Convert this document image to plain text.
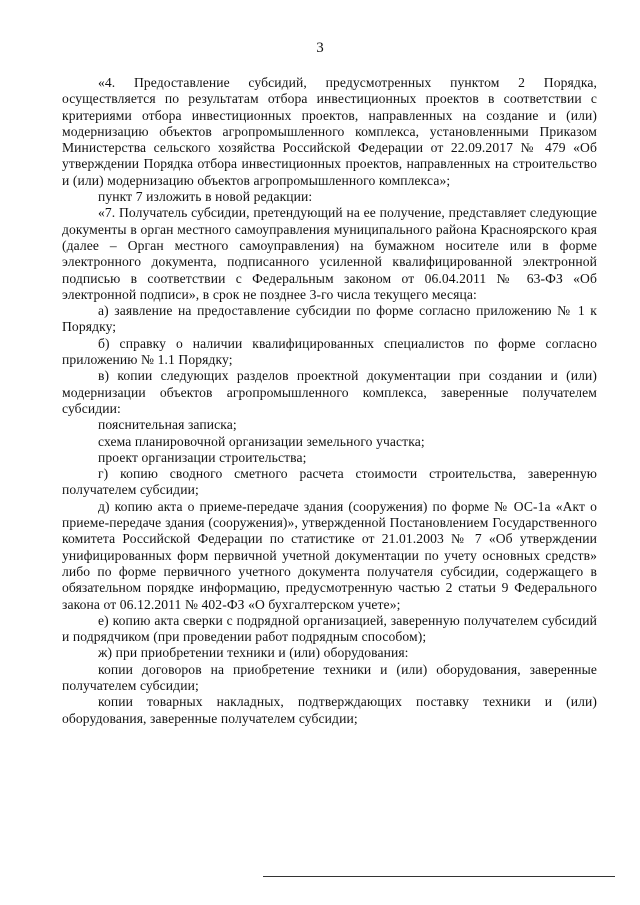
3

«4. Предоставление субсидий, предусмотренных пунктом 2 Порядка, осуществляется по результатам отбора инвестиционных проектов в соответствии с критериями отбора инвестиционных проектов, направленных на создание и (или) модернизацию объектов агропромышленного комплекса, установленными Приказом Министерства сельского хозяйства Российской Федерации от 22.09.2017 № 479 «Об утверждении Порядка отбора инвестиционных проектов, направленных на строительство и (или) модернизацию объектов агропромышленного комплекса»;

пункт 7 изложить в новой редакции:

«7. Получатель субсидии, претендующий на ее получение, представляет следующие документы в орган местного самоуправления муниципального района Красноярского края (далее – Орган местного самоуправления) на бумажном носителе или в форме электронного документа, подписанного усиленной квалифицированной электронной подписью в соответствии с Федеральным законом от 06.04.2011 № 63-ФЗ «Об электронной подписи», в срок не позднее 3-го числа текущего месяца:

а) заявление на предоставление субсидии по форме согласно приложению № 1 к Порядку;

б) справку о наличии квалифицированных специалистов по форме согласно приложению № 1.1 Порядку;

в) копии следующих разделов проектной документации при создании и (или) модернизации объектов агропромышленного комплекса, заверенные получателем субсидии:

пояснительная записка;

схема планировочной организации земельного участка;

проект организации строительства;

г) копию сводного сметного расчета стоимости строительства, заверенную получателем субсидии;

д) копию акта о приеме-передаче здания (сооружения) по форме № ОС-1а «Акт о приеме-передаче здания (сооружения)», утвержденной Постановлением Государственного комитета Российской Федерации по статистике от 21.01.2003 № 7 «Об утверждении унифицированных форм первичной учетной документации по учету основных средств» либо по форме первичного учетного документа получателя субсидии, содержащего в обязательном порядке информацию, предусмотренную частью 2 статьи 9 Федерального закона от 06.12.2011 № 402-ФЗ «О бухгалтерском учете»;

е) копию акта сверки с подрядной организацией, заверенную получателем субсидий и подрядчиком (при проведении работ подрядным способом);

ж) при приобретении техники и (или) оборудования:

копии договоров на приобретение техники и (или) оборудования, заверенные получателем субсидии;

копии товарных накладных, подтверждающих поставку техники и (или) оборудования, заверенные получателем субсидии;
